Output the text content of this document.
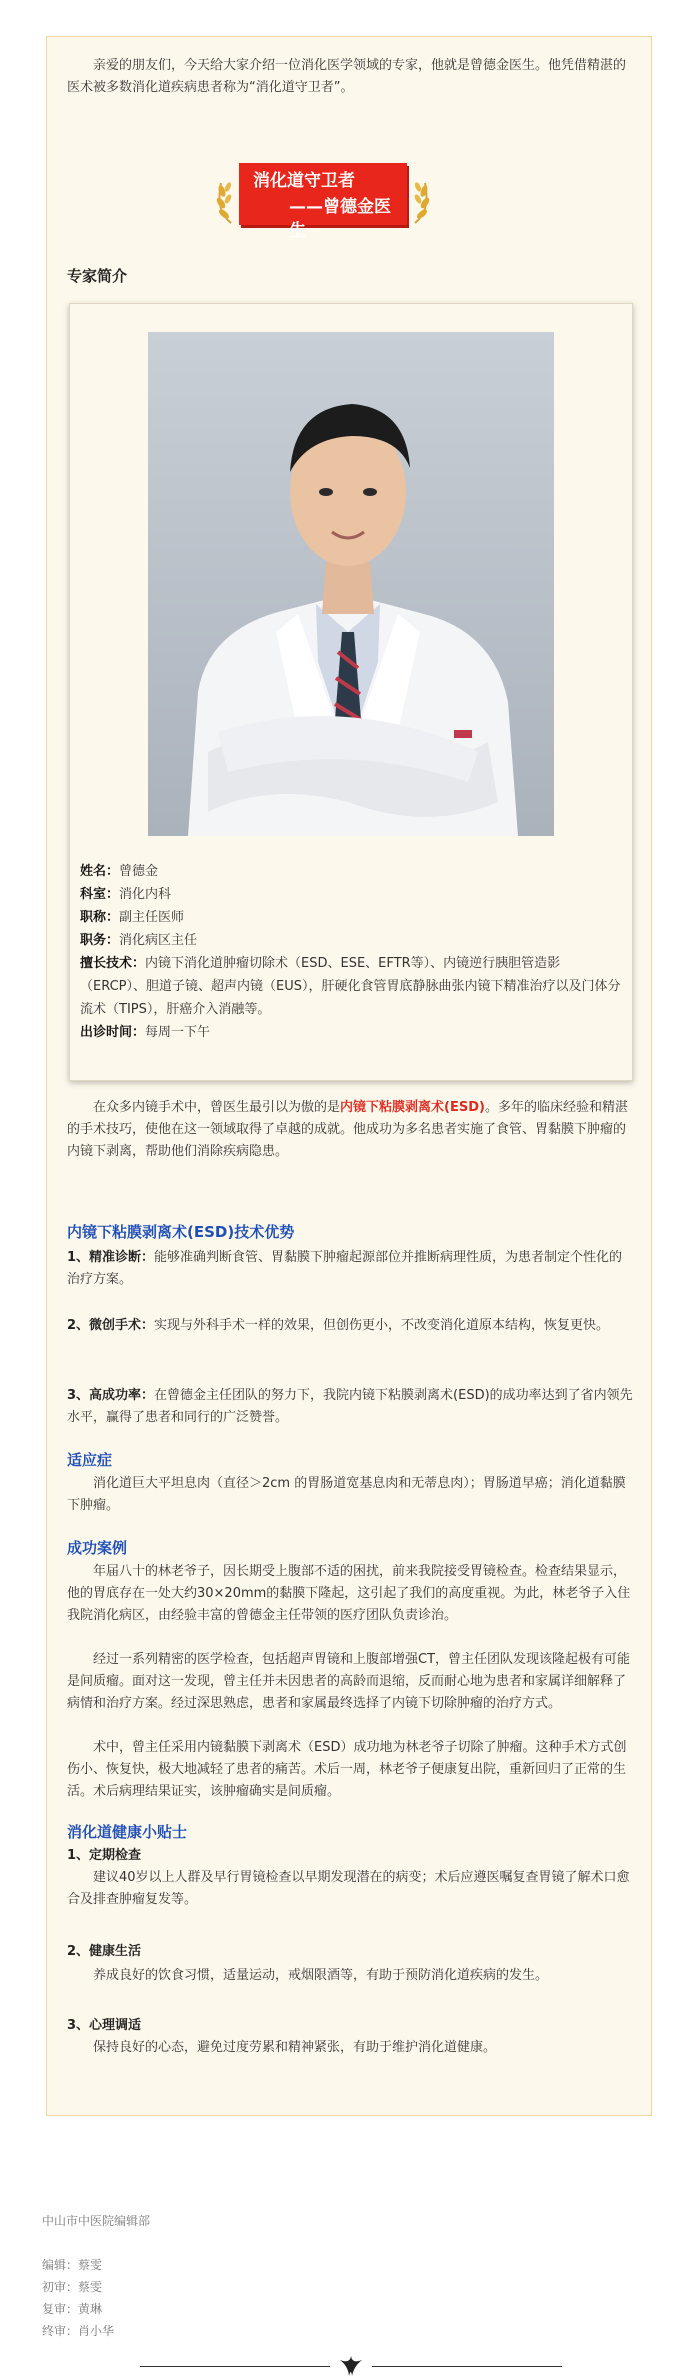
亲爱的朋友们，今天给大家介绍一位消化医学领域的专家，他就是曾德金医生。他凭借精湛的医术被多数消化道疾病患者称为“消化道守卫者”。
消化道守卫者
——曾德金医生
专家简介
姓名：曾德金
科室：消化内科
职称：副主任医师
职务：消化病区主任
擅长技术：内镜下消化道肿瘤切除术（ESD、ESE、EFTR等）、内镜逆行胰胆管造影（ERCP）、胆道子镜、超声内镜（EUS），肝硬化食管胃底静脉曲张内镜下精准治疗以及门体分流术（TIPS），肝癌介入消融等。
出诊时间：每周一下午
在众多内镜手术中，曾医生最引以为傲的是内镜下粘膜剥离术(ESD)。多年的临床经验和精湛的手术技巧，使他在这一领域取得了卓越的成就。他成功为多名患者实施了食管、胃黏膜下肿瘤的内镜下剥离，帮助他们消除疾病隐患。
内镜下粘膜剥离术(ESD)技术优势
1、精准诊断：能够准确判断食管、胃黏膜下肿瘤起源部位并推断病理性质，为患者制定个性化的治疗方案。
2、微创手术：实现与外科手术一样的效果，但创伤更小，不改变消化道原本结构，恢复更快。
3、高成功率：在曾德金主任团队的努力下，我院内镜下粘膜剥离术(ESD)的成功率达到了省内领先水平，赢得了患者和同行的广泛赞誉。
适应症
消化道巨大平坦息肉（直径＞2cm 的胃肠道宽基息肉和无蒂息肉）；胃肠道早癌；消化道黏膜下肿瘤。
成功案例
年届八十的林老爷子，因长期受上腹部不适的困扰，前来我院接受胃镜检查。检查结果显示，他的胃底存在一处大约30×20mm的黏膜下隆起，这引起了我们的高度重视。为此，林老爷子入住我院消化病区，由经验丰富的曾德金主任带领的医疗团队负责诊治。
经过一系列精密的医学检查，包括超声胃镜和上腹部增强CT，曾主任团队发现该隆起极有可能是间质瘤。面对这一发现，曾主任并未因患者的高龄而退缩，反而耐心地为患者和家属详细解释了病情和治疗方案。经过深思熟虑，患者和家属最终选择了内镜下切除肿瘤的治疗方式。
术中，曾主任采用内镜黏膜下剥离术（ESD）成功地为林老爷子切除了肿瘤。这种手术方式创伤小、恢复快，极大地减轻了患者的痛苦。术后一周，林老爷子便康复出院，重新回归了正常的生活。术后病理结果证实，该肿瘤确实是间质瘤。
消化道健康小贴士
1、定期检查
建议40岁以上人群及早行胃镜检查以早期发现潜在的病变；术后应遵医嘱复查胃镜了解术口愈合及排查肿瘤复发等。
2、健康生活
养成良好的饮食习惯，适量运动，戒烟限酒等，有助于预防消化道疾病的发生。
3、心理调适
保持良好的心态，避免过度劳累和精神紧张，有助于维护消化道健康。
中山市中医院编辑部
编辑：蔡雯
初审：蔡雯
复审：黄琳
终审：肖小华
